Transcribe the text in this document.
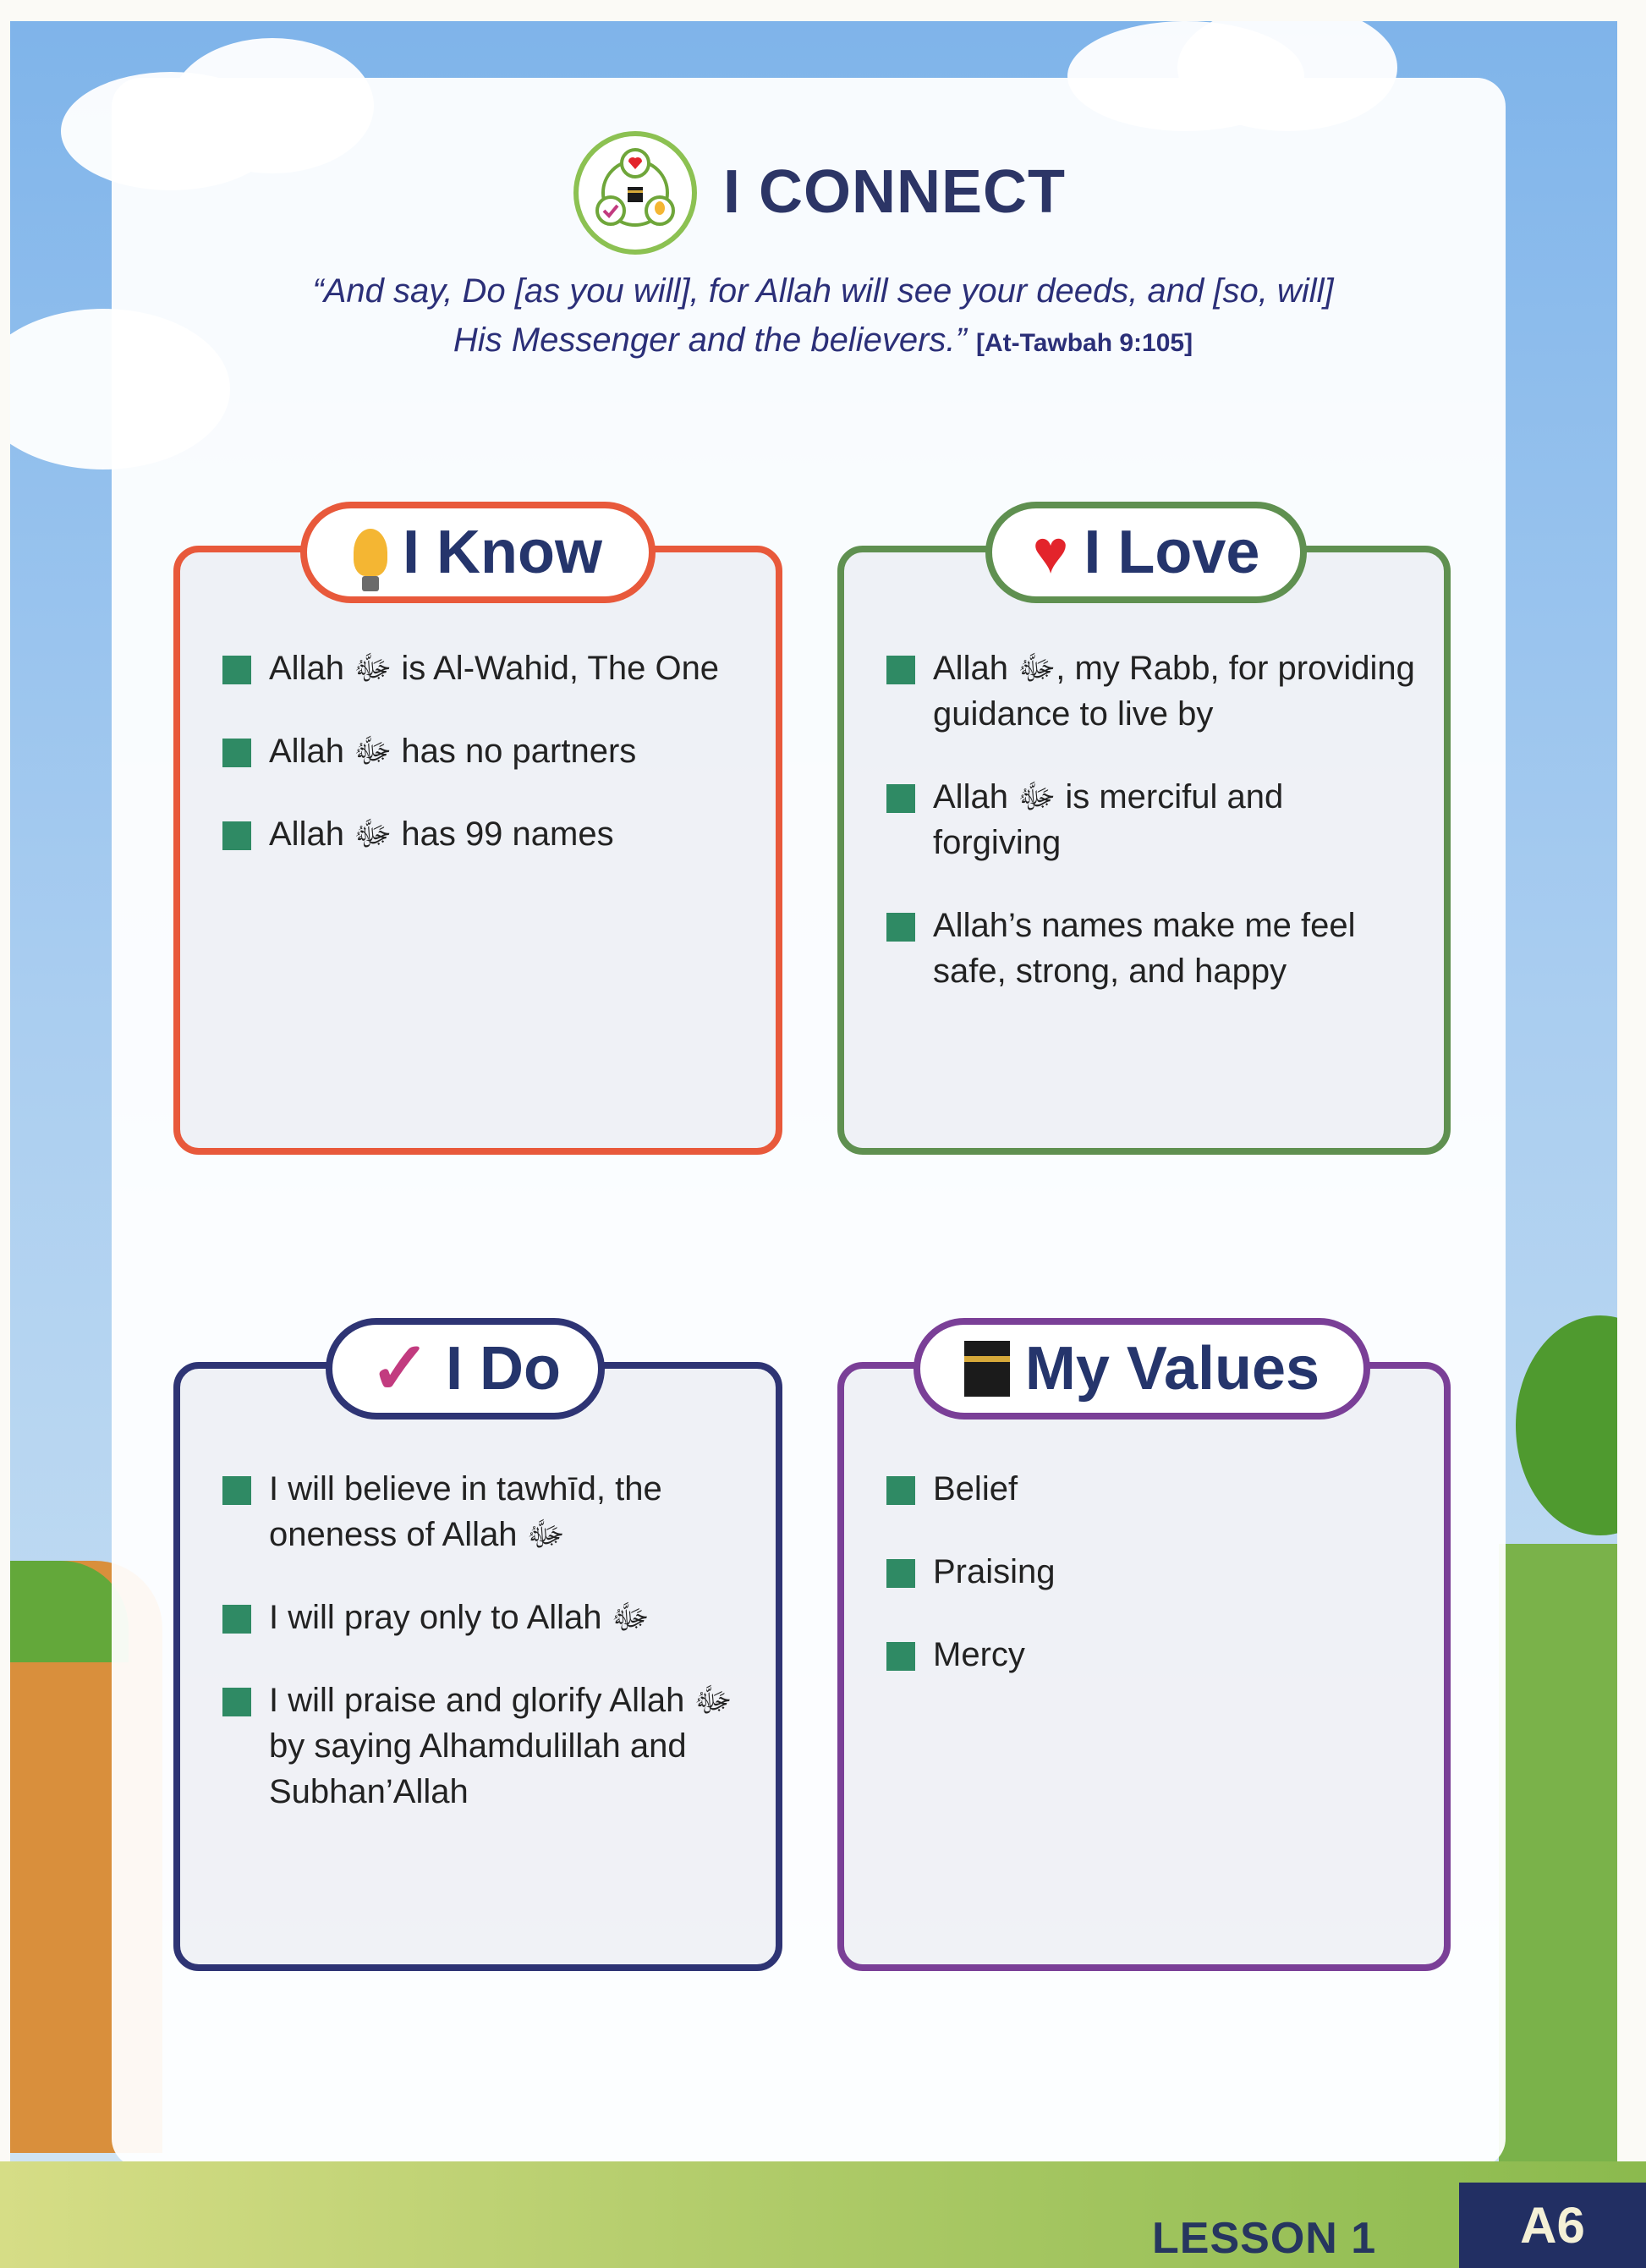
I CONNECT
“And say, Do [as you will], for Allah will see your deeds, and [so, will]
His Messenger and the believers.” [At-Tawbah 9:105]
Allah ﷻ is Al-Wahid, The One
Allah ﷻ has no partners
Allah ﷻ has 99 names
I Know
Allah ﷻ, my Rabb, for providing guidance to live by
Allah ﷻ is merciful and forgiving
Allah’s names make me feel safe, strong, and happy
♥ I Love
I will believe in tawhīd, the oneness of Allah ﷻ
I will pray only to Allah ﷻ
I will praise and glorify Allah ﷻ by saying Alhamdulillah and Subhan’Allah
✓ I Do
Belief
Praising
Mercy
My Values
LESSON 1	A6
